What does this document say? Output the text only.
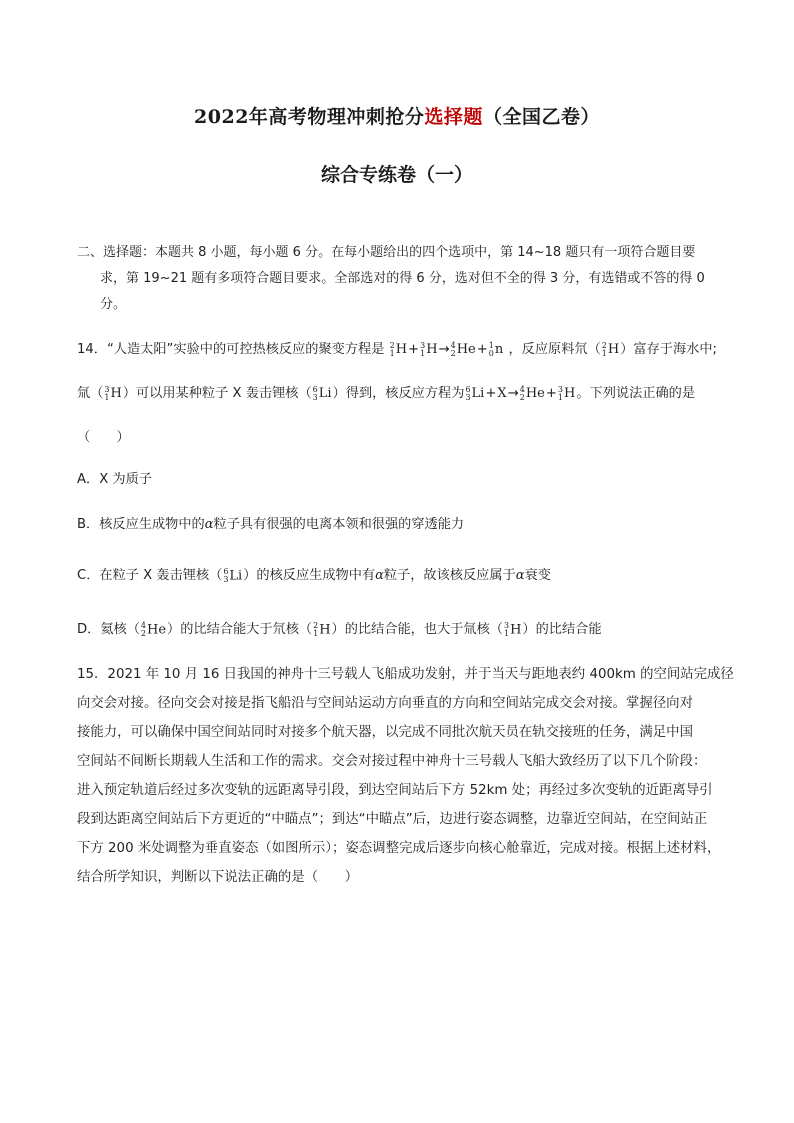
2022年高考物理冲刺抢分选择题（全国乙卷）
综合专练卷（一）
二、选择题：本题共 8 小题，每小题 6 分。在每小题给出的四个选项中，第 14~18 题只有一项符合题目要
求，第 19~21 题有多项符合题目要求。全部选对的得 6 分，选对但不全的得 3 分，有选错或不答的得 0
分。
14．“人造太阳”实验中的可控热核反应的聚变方程是 2
1 H+ 3
1 H→ 4
2 He+ 1
0 n ，反应原料氘（ 2
1 H）富存于海水中;
氚（ 3
1 H）可以用某种粒子 X 轰击锂核（ 6
3 Li）得到，核反应方程为 6
3 Li+X→ 4
2 He+ 3
1 H。下列说法正确的是
（　　）
A．X 为质子
B．核反应生成物中的α粒子具有很强的电离本领和很强的穿透能力
C．在粒子 X 轰击锂核（ 6
3 Li）的核反应生成物中有α粒子，故该核反应属于α衰变
D．氦核（ 4
2 He）的比结合能大于氘核（ 2
1 H）的比结合能，也大于氚核（ 3
1 H）的比结合能
15．2021 年 10 月 16 日我国的神舟十三号载人飞船成功发射，并于当天与距地表约 400km 的空间站完成径
向交会对接。径向交会对接是指飞船沿与空间站运动方向垂直的方向和空间站完成交会对接。掌握径向对
接能力，可以确保中国空间站同时对接多个航天器，以完成不同批次航天员在轨交接班的任务，满足中国
空间站不间断长期载人生活和工作的需求。交会对接过程中神舟十三号载人飞船大致经历了以下几个阶段：
进入预定轨道后经过多次变轨的远距离导引段，到达空间站后下方 52km 处；再经过多次变轨的近距离导引
段到达距离空间站后下方更近的“中瞄点”；到达“中瞄点”后，边进行姿态调整，边靠近空间站，在空间站正
下方 200 米处调整为垂直姿态（如图所示）；姿态调整完成后逐步向核心舱靠近，完成对接。根据上述材料，
结合所学知识，判断以下说法正确的是（　　）
